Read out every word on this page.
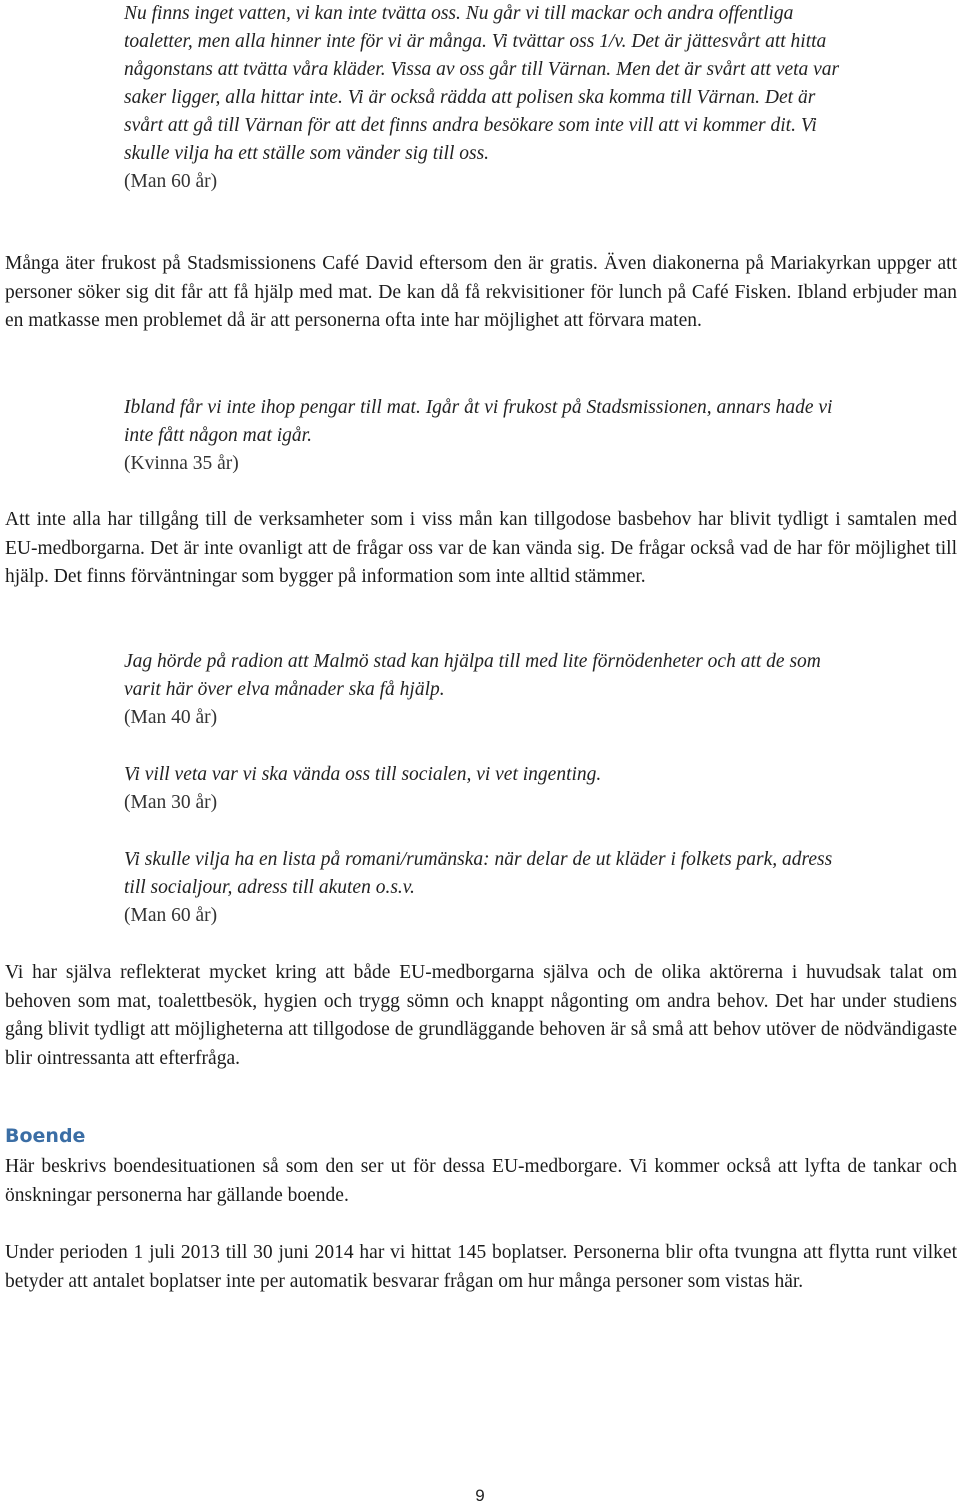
Nu finns inget vatten, vi kan inte tvätta oss. Nu går vi till mackar och andra offentliga toaletter, men alla hinner inte för vi är många. Vi tvättar oss 1/v. Det är jättesvårt att hitta någonstans att tvätta våra kläder. Vissa av oss går till Värnan. Men det är svårt att veta var saker ligger, alla hittar inte. Vi är också rädda att polisen ska komma till Värnan. Det är svårt att gå till Värnan för att det finns andra besökare som inte vill att vi kommer dit. Vi skulle vilja ha ett ställe som vänder sig till oss.
(Man 60 år)

Många äter frukost på Stadsmissionens Café David eftersom den är gratis. Även diakonerna på Mariakyrkan uppger att personer söker sig dit får att få hjälp med mat. De kan då få rekvisitioner för lunch på Café Fisken. Ibland erbjuder man en matkasse men problemet då är att personerna ofta inte har möjlighet att förvara maten.

Ibland får vi inte ihop pengar till mat. Igår åt vi frukost på Stadsmissionen, annars hade vi inte fått någon mat igår.
(Kvinna 35 år)

Att inte alla har tillgång till de verksamheter som i viss mån kan tillgodose basbehov har blivit tydligt i samtalen med EU-medborgarna. Det är inte ovanligt att de frågar oss var de kan vända sig. De frågar också vad de har för möjlighet till hjälp. Det finns förväntningar som bygger på information som inte alltid stämmer.

Jag hörde på radion att Malmö stad kan hjälpa till med lite förnödenheter och att de som varit här över elva månader ska få hjälp.
(Man 40 år)
Vi vill veta var vi ska vända oss till socialen, vi vet ingenting.
(Man 30 år)
Vi skulle vilja ha en lista på romani/rumänska: när delar de ut kläder i folkets park, adress till socialjour, adress till akuten o.s.v.
(Man 60 år)

Vi har själva reflekterat mycket kring att både EU-medborgarna själva och de olika aktörerna i huvudsak talat om behoven som mat, toalettbesök, hygien och trygg sömn och knappt någonting om andra behov. Det har under studiens gång blivit tydligt att möjligheterna att tillgodose de grundläggande behoven är så små att behov utöver de nödvändigaste blir ointressanta att efterfråga.

Boende

Här beskrivs boendesituationen så som den ser ut för dessa EU-medborgare. Vi kommer också att lyfta de tankar och önskningar personerna har gällande boende.

Under perioden 1 juli 2013 till 30 juni 2014 har vi hittat 145 boplatser. Personerna blir ofta tvungna att flytta runt vilket betyder att antalet boplatser inte per automatik besvarar frågan om hur många personer som vistas här.

9
